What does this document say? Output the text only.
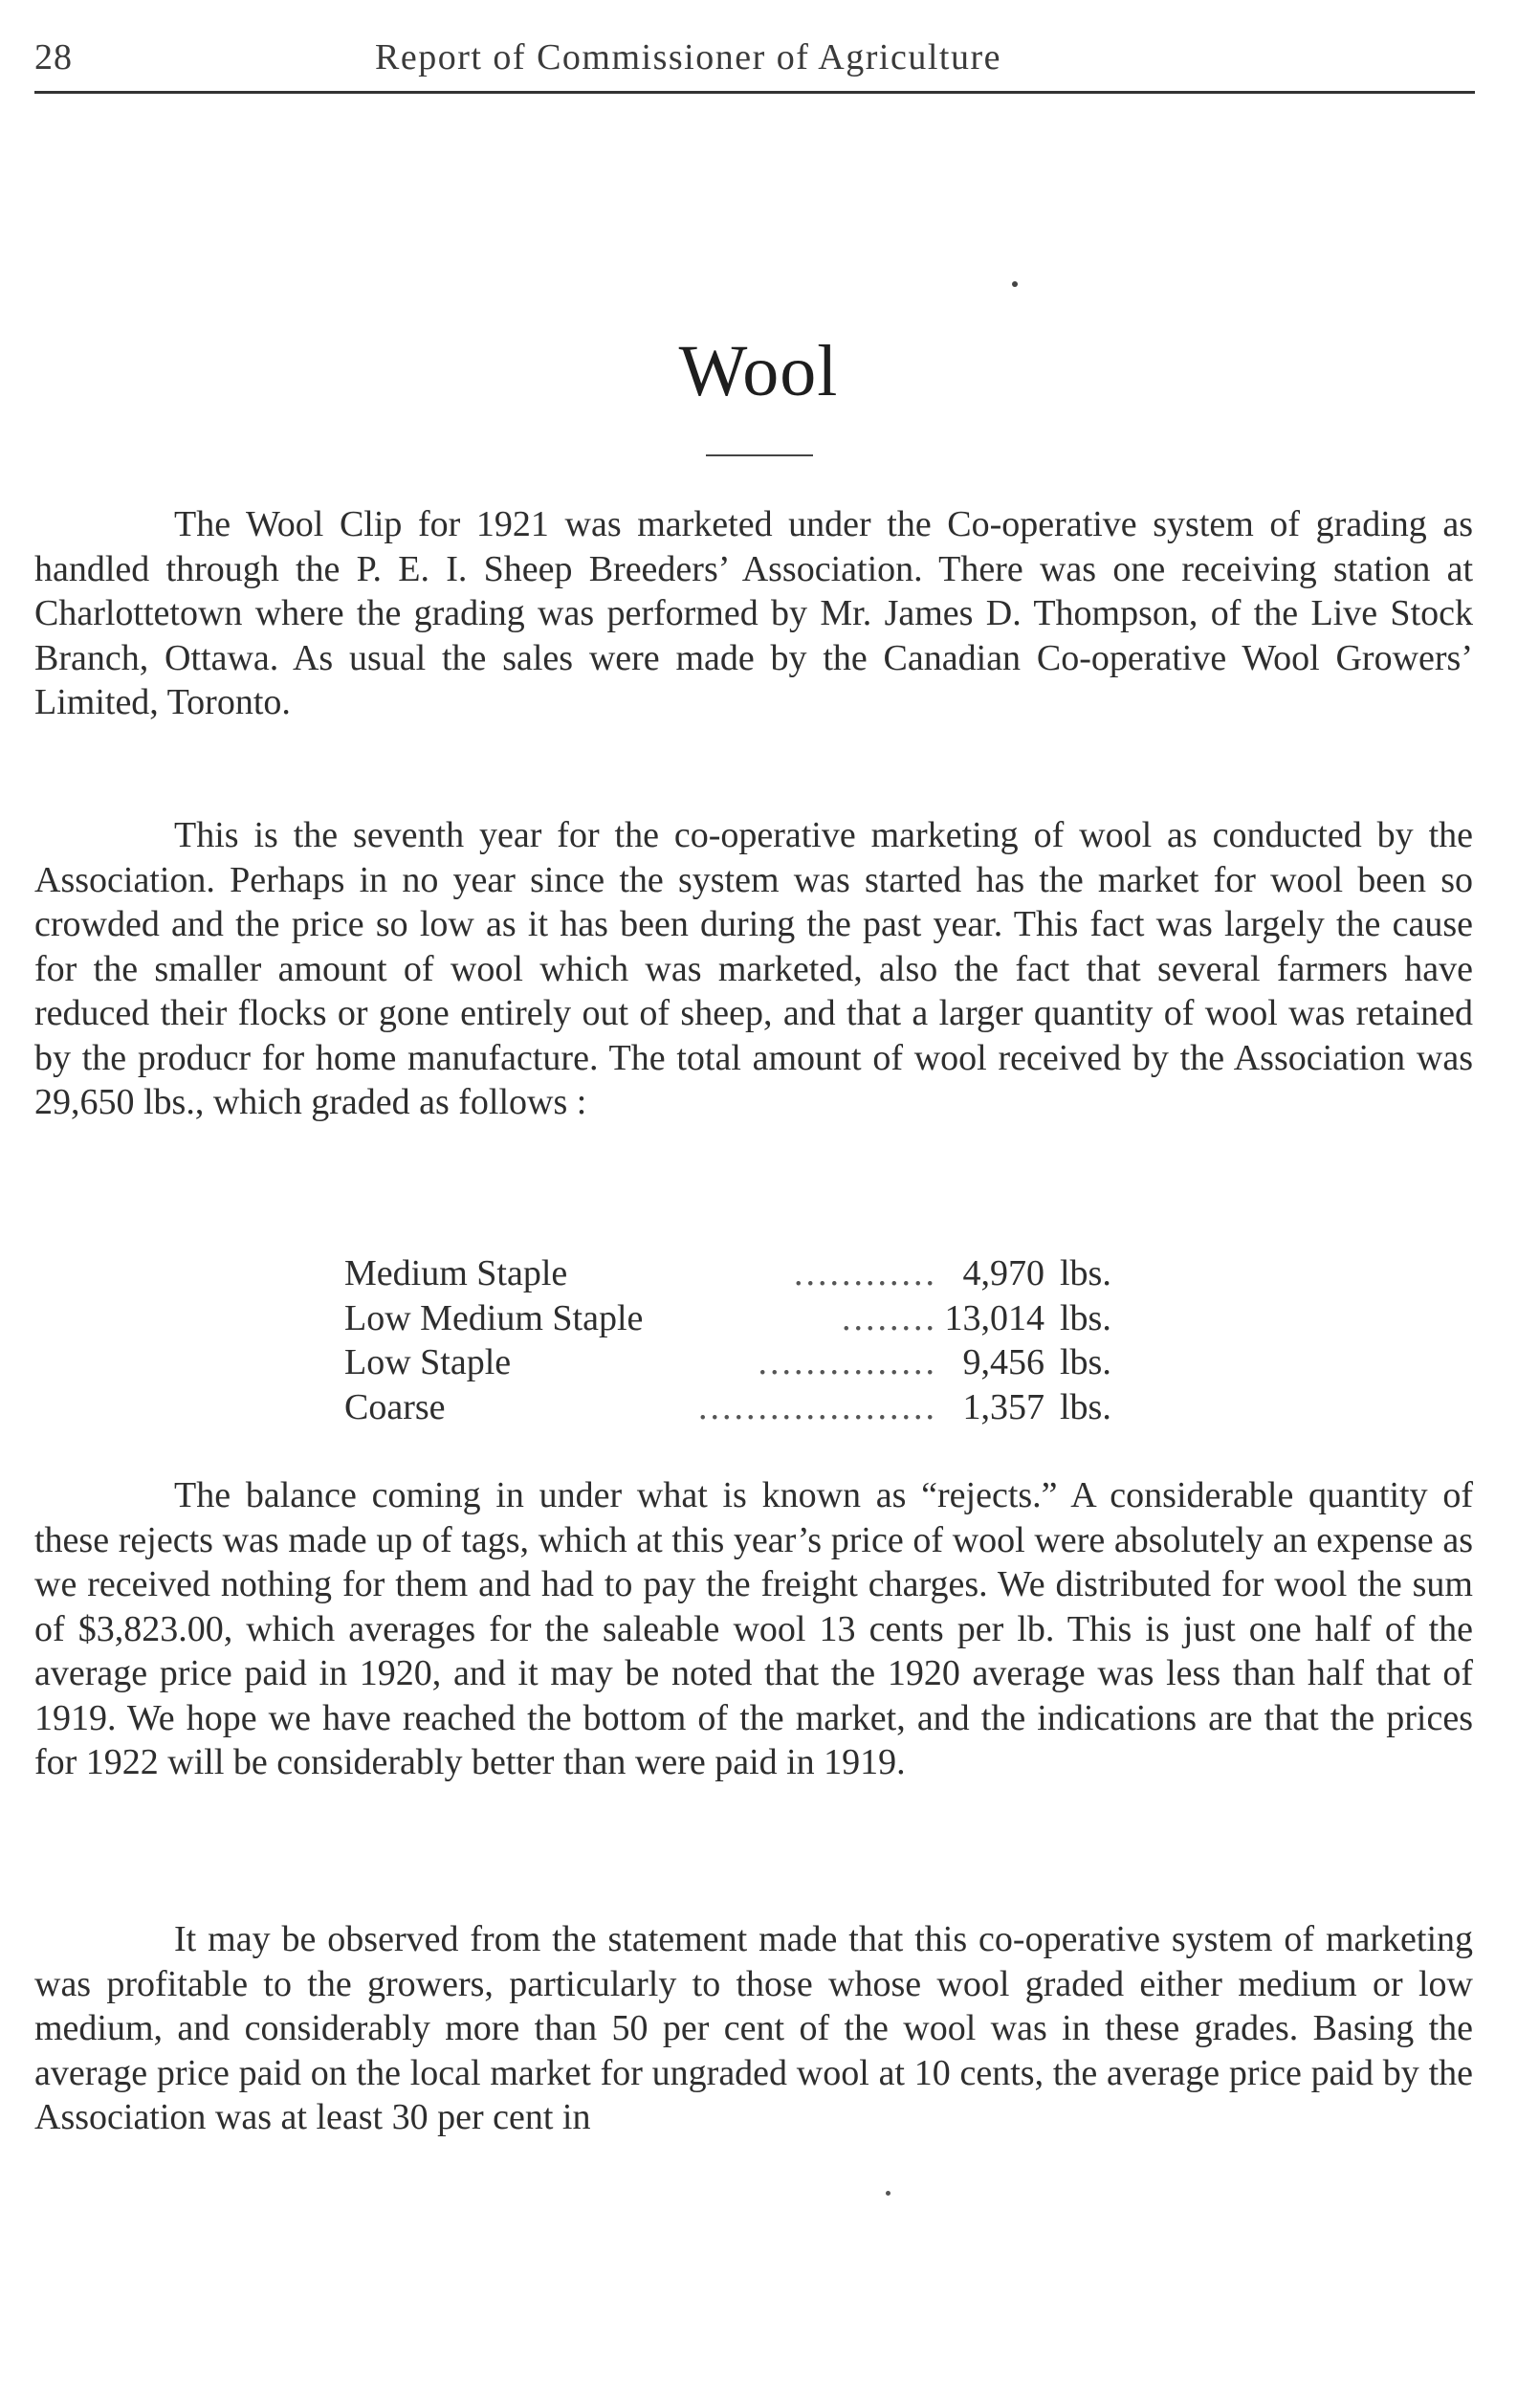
28	Report of Commissioner of Agriculture
Wool

The Wool Clip for 1921 was marketed under the Co-operative system of grading as handled through the P. E. I. Sheep Breeders’ Association. There was one receiving station at Charlottetown where the grading was performed by Mr. James D. Thompson, of the Live Stock Branch, Ottawa. As usual the sales were made by the Canadian Co-operative Wool Growers’ Limited, Toronto.

This is the seventh year for the co-operative marketing of wool as conducted by the Association. Perhaps in no year since the system was started has the market for wool been so crowded and the price so low as it has been during the past year. This fact was largely the cause for the smaller amount of wool which was marketed, also the fact that several farmers have reduced their flocks or gone entirely out of sheep, and that a larger quantity of wool was retained by the producr for home manufacture. The total amount of wool received by the Association was 29,650 lbs., which graded as follows :

Medium Staple	............ 4,970 lbs.
Low Medium Staple	........ 13,014 lbs.
Low Staple	............... 9,456 lbs.
Coarse	.................... 1,357 lbs.

The balance coming in under what is known as “rejects.” A considerable quantity of these rejects was made up of tags, which at this year’s price of wool were absolutely an expense as we received nothing for them and had to pay the freight charges. We distributed for wool the sum of $3,823.00, which averages for the saleable wool 13 cents per lb. This is just one half of the average price paid in 1920, and it may be noted that the 1920 average was less than half that of 1919. We hope we have reached the bottom of the market, and the indications are that the prices for 1922 will be considerably better than were paid in 1919.

It may be observed from the statement made that this co-operative system of marketing was profitable to the growers, particularly to those whose wool graded either medium or low medium, and considerably more than 50 per cent of the wool was in these grades. Basing the average price paid on the local market for ungraded wool at 10 cents, the average price paid by the Association was at least 30 per cent in
